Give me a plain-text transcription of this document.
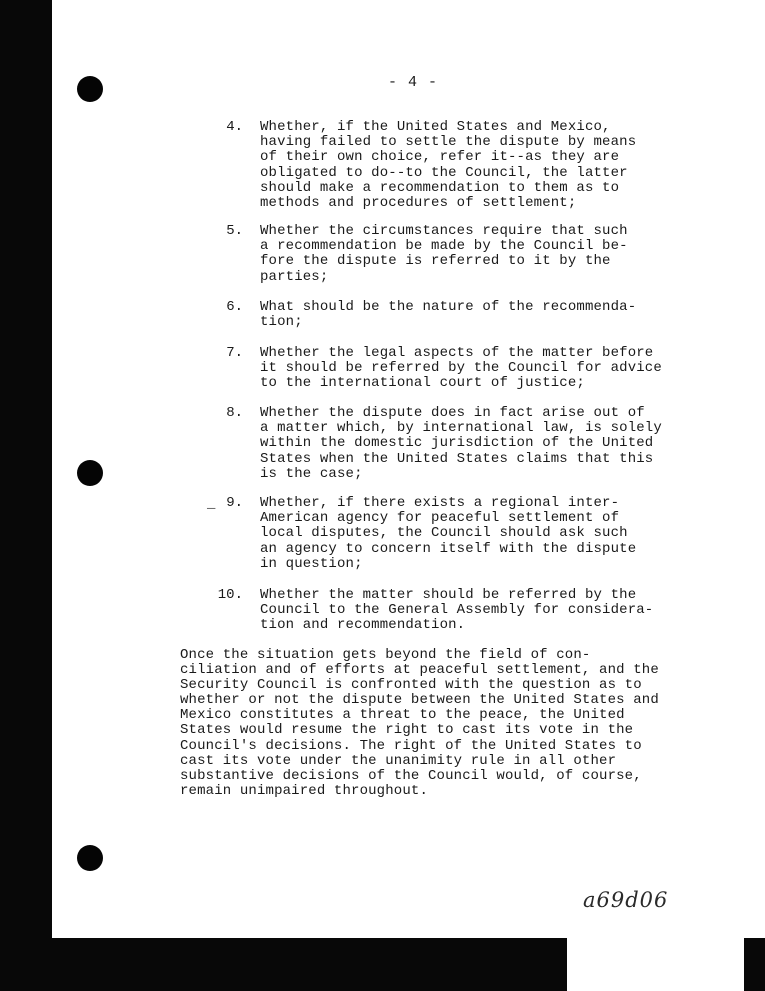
- 4 -
4. Whether, if the United States and Mexico,
having failed to settle the dispute by means
of their own choice, refer it--as they are
obligated to do--to the Council, the latter
should make a recommendation to them as to
methods and procedures of settlement;
5. Whether the circumstances require that such
a recommendation be made by the Council be-
fore the dispute is referred to it by the
parties;
6. What should be the nature of the recommenda-
tion;
7. Whether the legal aspects of the matter before
it should be referred by the Council for advice
to the international court of justice;
8. Whether the dispute does in fact arise out of
a matter which, by international law, is solely
within the domestic jurisdiction of the United
States when the United States claims that this
is the case;
_ 9. Whether, if there exists a regional inter-
American agency for peaceful settlement of
local disputes, the Council should ask such
an agency to concern itself with the dispute
in question;
10. Whether the matter should be referred by the
Council to the General Assembly for considera-
tion and recommendation.
Once the situation gets beyond the field of con-
ciliation and of efforts at peaceful settlement, and the
Security Council is confronted with the question as to
whether or not the dispute between the United States and
Mexico constitutes a threat to the peace, the United
States would resume the right to cast its vote in the
Council's decisions. The right of the United States to
cast its vote under the unanimity rule in all other
substantive decisions of the Council would, of course,
remain unimpaired throughout.
a69d06
